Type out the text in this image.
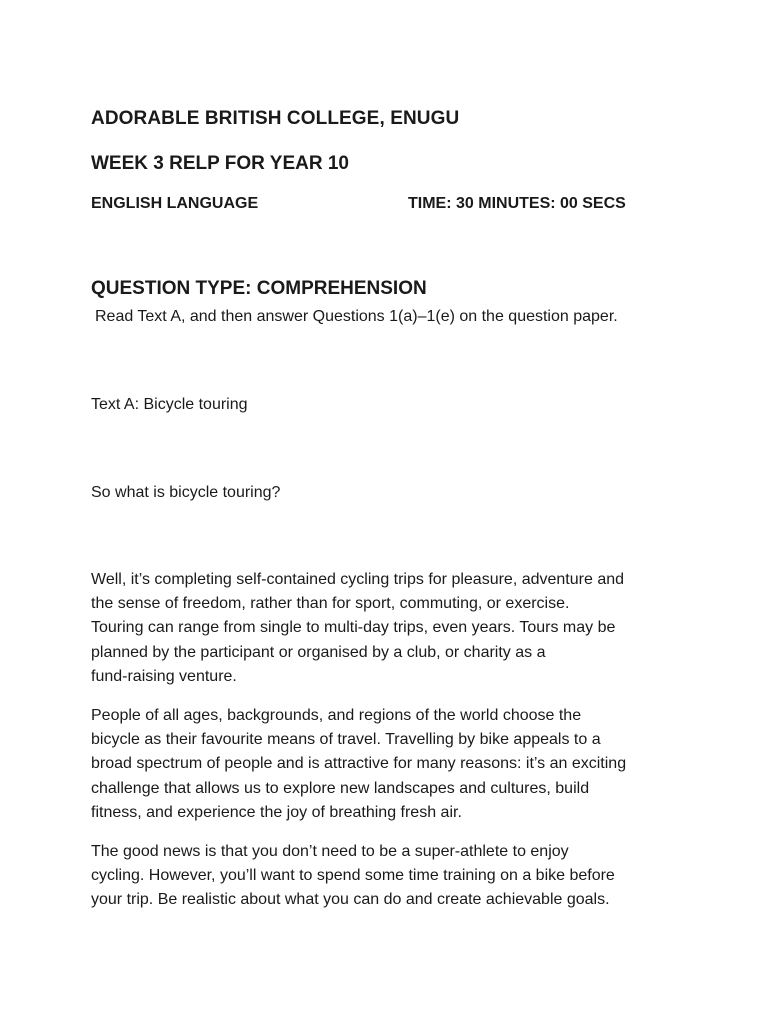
ADORABLE BRITISH COLLEGE, ENUGU
WEEK 3 RELP FOR YEAR 10
ENGLISH LANGUAGE	TIME: 30 MINUTES: 00 SECS
QUESTION TYPE: COMPREHENSION
Read Text A, and then answer Questions 1(a)–1(e) on the question paper.
Text A: Bicycle touring
So what is bicycle touring?

Well, it’s completing self-contained cycling trips for pleasure, adventure and
the sense of freedom, rather than for sport, commuting, or exercise.
Touring can range from single to multi-day trips, even years. Tours may be
planned by the participant or organised by a club, or charity as a
fund-raising venture.

People of all ages, backgrounds, and regions of the world choose the
bicycle as their favourite means of travel. Travelling by bike appeals to a
broad spectrum of people and is attractive for many reasons: it’s an exciting
challenge that allows us to explore new landscapes and cultures, build
fitness, and experience the joy of breathing fresh air.

The good news is that you don’t need to be a super-athlete to enjoy
cycling. However, you’ll want to spend some time training on a bike before
your trip. Be realistic about what you can do and create achievable goals.
